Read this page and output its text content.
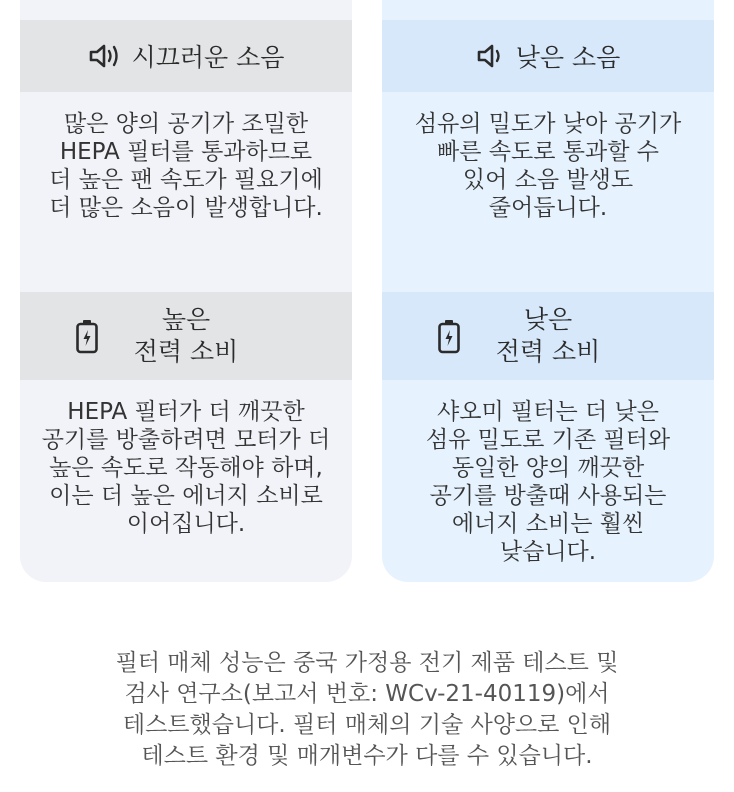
시끄러운 소음
많은 양의 공기가 조밀한
HEPA 필터를 통과하므로
더 높은 팬 속도가 필요기에
더 많은 소음이 발생합니다.
높은
전력 소비
HEPA 필터가 더 깨끗한
공기를 방출하려면 모터가 더
높은 속도로 작동해야 하며,
이는 더 높은 에너지 소비로
이어집니다.
낮은 소음
섬유의 밀도가 낮아 공기가
빠른 속도로 통과할 수
있어 소음 발생도
줄어듭니다.
낮은
전력 소비
샤오미 필터는 더 낮은
섬유 밀도로 기존 필터와
동일한 양의 깨끗한
공기를 방출때 사용되는
에너지 소비는 훨씬
낮습니다.
필터 매체 성능은 중국 가정용 전기 제품 테스트 및
검사 연구소(보고서 번호: WCv-21-40119)에서
테스트했습니다. 필터 매체의 기술 사양으로 인해
테스트 환경 및 매개변수가 다를 수 있습니다.
